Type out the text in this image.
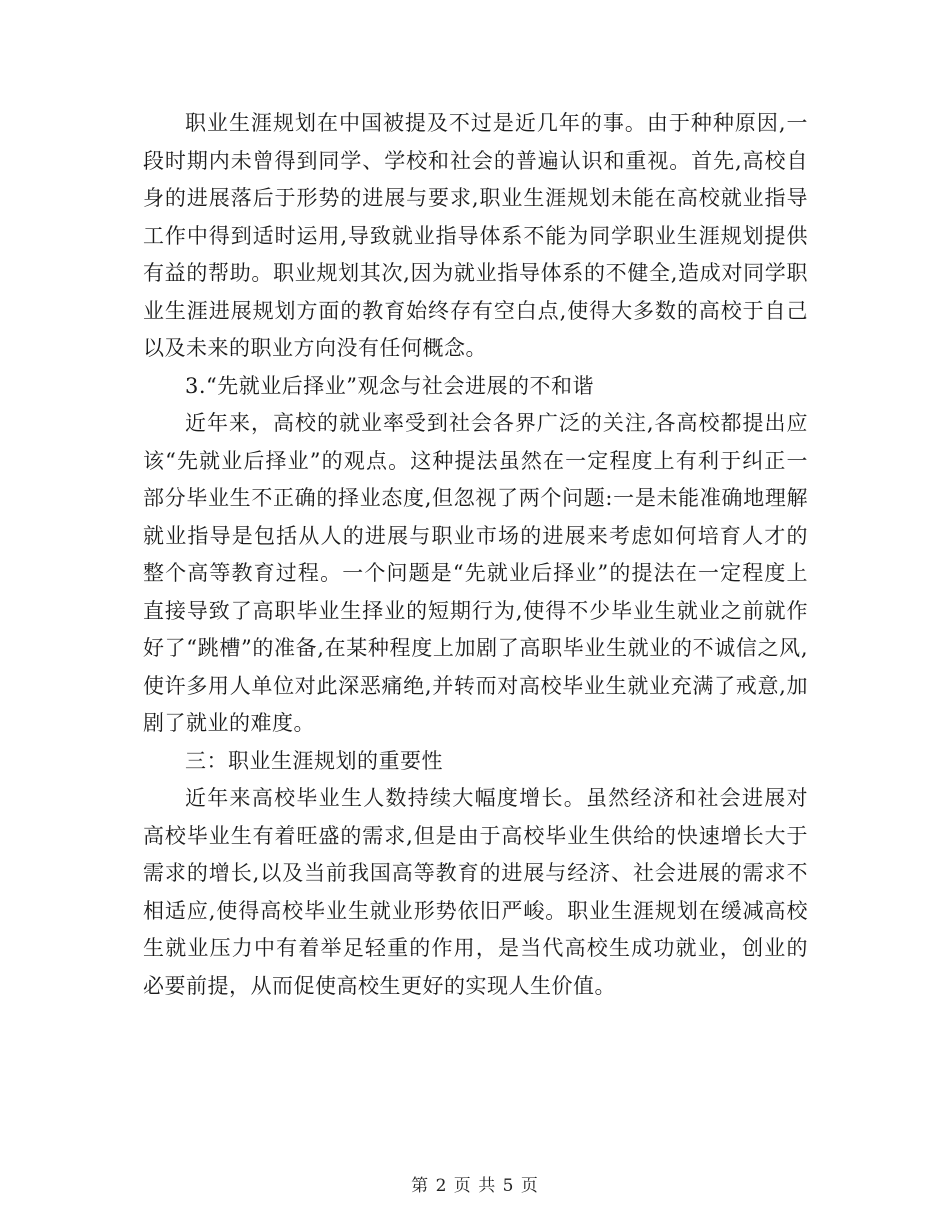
职业生涯规划在中国被提及不过是近几年的事。由于种种原因,一段时期内未曾得到同学、学校和社会的普遍认识和重视。首先,高校自身的进展落后于形势的进展与要求,职业生涯规划未能在高校就业指导工作中得到适时运用,导致就业指导体系不能为同学职业生涯规划提供有益的帮助。职业规划其次,因为就业指导体系的不健全,造成对同学职业生涯进展规划方面的教育始终存有空白点,使得大多数的高校于自己以及未来的职业方向没有任何概念。

3.“先就业后择业”观念与社会进展的不和谐

近年来，高校的就业率受到社会各界广泛的关注,各高校都提出应该“先就业后择业”的观点。这种提法虽然在一定程度上有利于纠正一部分毕业生不正确的择业态度,但忽视了两个问题:一是未能准确地理解就业指导是包括从人的进展与职业市场的进展来考虑如何培育人才的整个高等教育过程。一个问题是“先就业后择业”的提法在一定程度上直接导致了高职毕业生择业的短期行为,使得不少毕业生就业之前就作好了“跳槽”的准备,在某种程度上加剧了高职毕业生就业的不诚信之风,使许多用人单位对此深恶痛绝,并转而对高校毕业生就业充满了戒意,加剧了就业的难度。

三：职业生涯规划的重要性

近年来高校毕业生人数持续大幅度增长。虽然经济和社会进展对高校毕业生有着旺盛的需求,但是由于高校毕业生供给的快速增长大于需求的增长,以及当前我国高等教育的进展与经济、社会进展的需求不相适应,使得高校毕业生就业形势依旧严峻。职业生涯规划在缓减高校生就业压力中有着举足轻重的作用，是当代高校生成功就业，创业的必要前提，从而促使高校生更好的实现人生价值。

第 2 页 共 5 页
